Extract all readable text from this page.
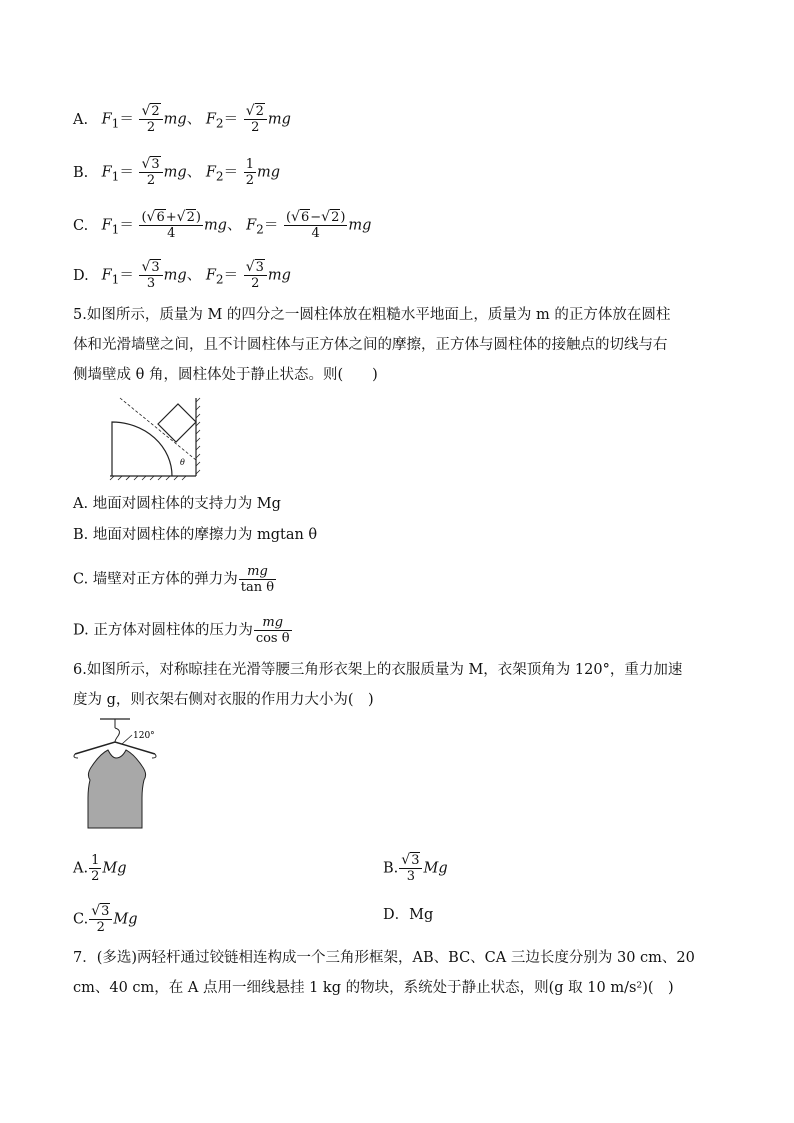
A. $F_1= \frac{√2}{2}$ mg、 $F_2= \frac{√2}{2}$ mg
B. $F_1= \frac{√3}{2}$ mg、 $F_2= \frac{1}{2}$ mg
C. $F_1= \frac{(√6+√2)}{4}$ mg、 $F_2= \frac{(√6-√2)}{4}$ mg
D. $F_1= \frac{√3}{3}$ mg、 $F_2= \frac{√3}{2}$ mg
5.如图所示，质量为 M 的四分之一圆柱体放在粗糙水平地面上，质量为 m 的正方体放在圆柱
体和光滑墙壁之间，且不计圆柱体与正方体之间的摩擦，正方体与圆柱体的接触点的切线与右
侧墙壁成 θ 角，圆柱体处于静止状态。则(　　)
θ
A. 地面对圆柱体的支持力为 Mg
B. 地面对圆柱体的摩擦力为 mgtan θ
C. 墙壁对正方体的弹力为 $\frac{mg}{\text{tan θ}}$
D. 正方体对圆柱体的压力为 $\frac{mg}{\text{cos θ}}$
6.如图所示，对称晾挂在光滑等腰三角形衣架上的衣服质量为 M，衣架顶角为 120°，重力加速
度为 g，则衣架右侧对衣服的作用力大小为(　)
120°
A. $\frac{1}{2}$ Mg	B. $\frac{√3}{3}$ Mg
C. $\frac{√3}{2}$ Mg	D．Mg
7．(多选)两轻杆通过铰链相连构成一个三角形框架，AB、BC、CA 三边长度分别为 30 cm、20
cm、40 cm，在 A 点用一细线悬挂 1 kg 的物块，系统处于静止状态，则(g 取 10 m/s²)(　)
